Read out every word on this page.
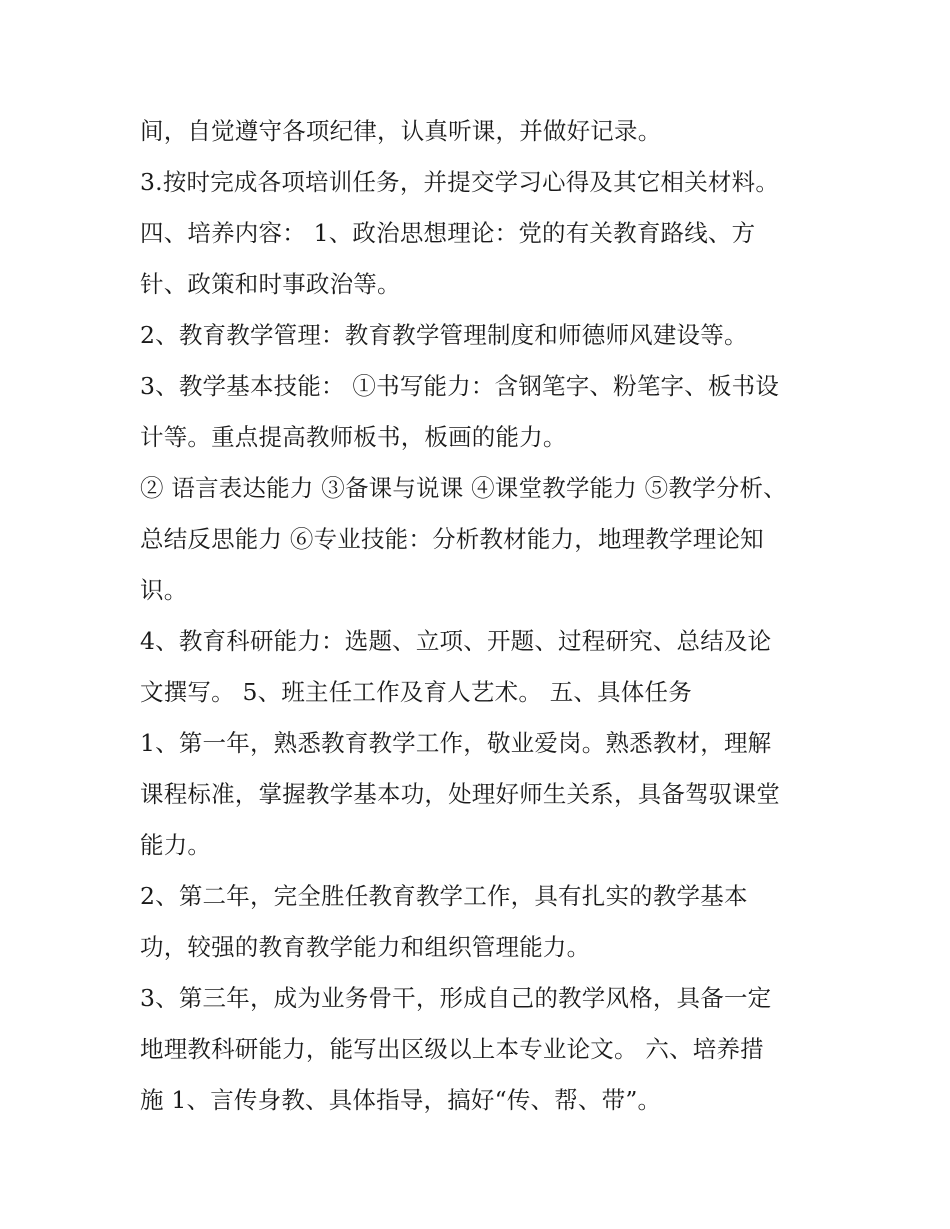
间，自觉遵守各项纪律，认真听课，并做好记录。
3.按时完成各项培训任务，并提交学习心得及其它相关材料。
四、培养内容： 1、政治思想理论：党的有关教育路线、方
针、政策和时事政治等。
2、教育教学管理：教育教学管理制度和师德师风建设等。
3、教学基本技能： ①书写能力：含钢笔字、粉笔字、板书设
计等。重点提高教师板书，板画的能力。
② 语言表达能力 ③备课与说课 ④课堂教学能力 ⑤教学分析、
总结反思能力 ⑥专业技能：分析教材能力，地理教学理论知
识。
4、教育科研能力：选题、立项、开题、过程研究、总结及论
文撰写。 5、班主任工作及育人艺术。 五、具体任务
1、第一年，熟悉教育教学工作，敬业爱岗。熟悉教材，理解
课程标准，掌握教学基本功，处理好师生关系，具备驾驭课堂
能力。
2、第二年，完全胜任教育教学工作，具有扎实的教学基本
功，较强的教育教学能力和组织管理能力。
3、第三年，成为业务骨干，形成自己的教学风格，具备一定
地理教科研能力，能写出区级以上本专业论文。 六、培养措
施 1、言传身教、具体指导，搞好“传、帮、带”。
